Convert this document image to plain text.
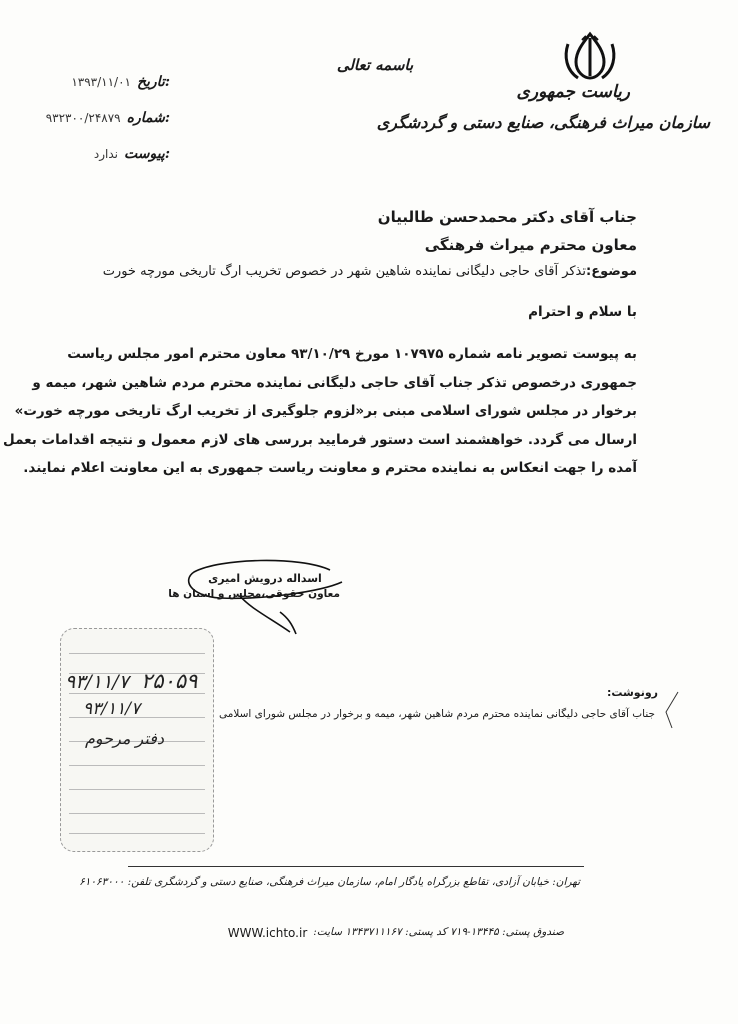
ریاست جمهوری
سازمان میراث فرهنگی، صنایع دستی و گردشگری
باسمه تعالی
تاریخ:
۱۳۹۳/۱۱/۰۱
شماره:
۹۳۲۳۰۰/۲۴۸۷۹
پیوست:
ندارد
جناب آقای دکتر محمدحسن طالبیان
معاون محترم میراث فرهنگی
موضوع:تذکر آقای حاجی دلیگانی نماینده شاهین شهر در خصوص تخریب ارگ تاریخی مورچه خورت
با سلام و احترام

به پیوست تصویر نامه شماره ۱۰۷۹۷۵ مورخ ۹۳/۱۰/۲۹ معاون محترم امور مجلس ریاست

جمهوری درخصوص تذکر جناب آقای حاجی دلیگانی نماینده محترم مردم شاهین شهر، میمه و

برخوار در مجلس شورای اسلامی مبنی بر«لزوم جلوگیری از تخریب ارگ تاریخی مورچه خورت»

ارسال می گردد. خواهشمند است دستور فرمایید بررسی های لازم معمول و نتیجه اقدامات بعمل

آمده را جهت انعکاس به نماینده محترم و معاونت ریاست جمهوری به این معاونت اعلام نمایند.

اسداله درویش امیری
معاون حقوقی،مجلس و استان ها
۹۳/۱۱/۷ ۲۵۰۵۹
۹۳/۱۱/۷
دفتر مرحوم
رونوشت:
جناب آقای حاجی دلیگانی نماینده محترم مردم شاهین شهر، میمه و برخوار در مجلس شورای اسلامی
تهران: خیابان آزادی، تقاطع بزرگراه یادگار امام، سازمان میراث فرهنگی، صنایع دستی و گردشگری تلفن: ۶۱۰۶۳۰۰۰
صندوق پستی: ۱۳۴۴۵-۷۱۹ کد پستی: ۱۳۴۳۷۱۱۱۶۷ سایت:
WWW.ichto.ir
